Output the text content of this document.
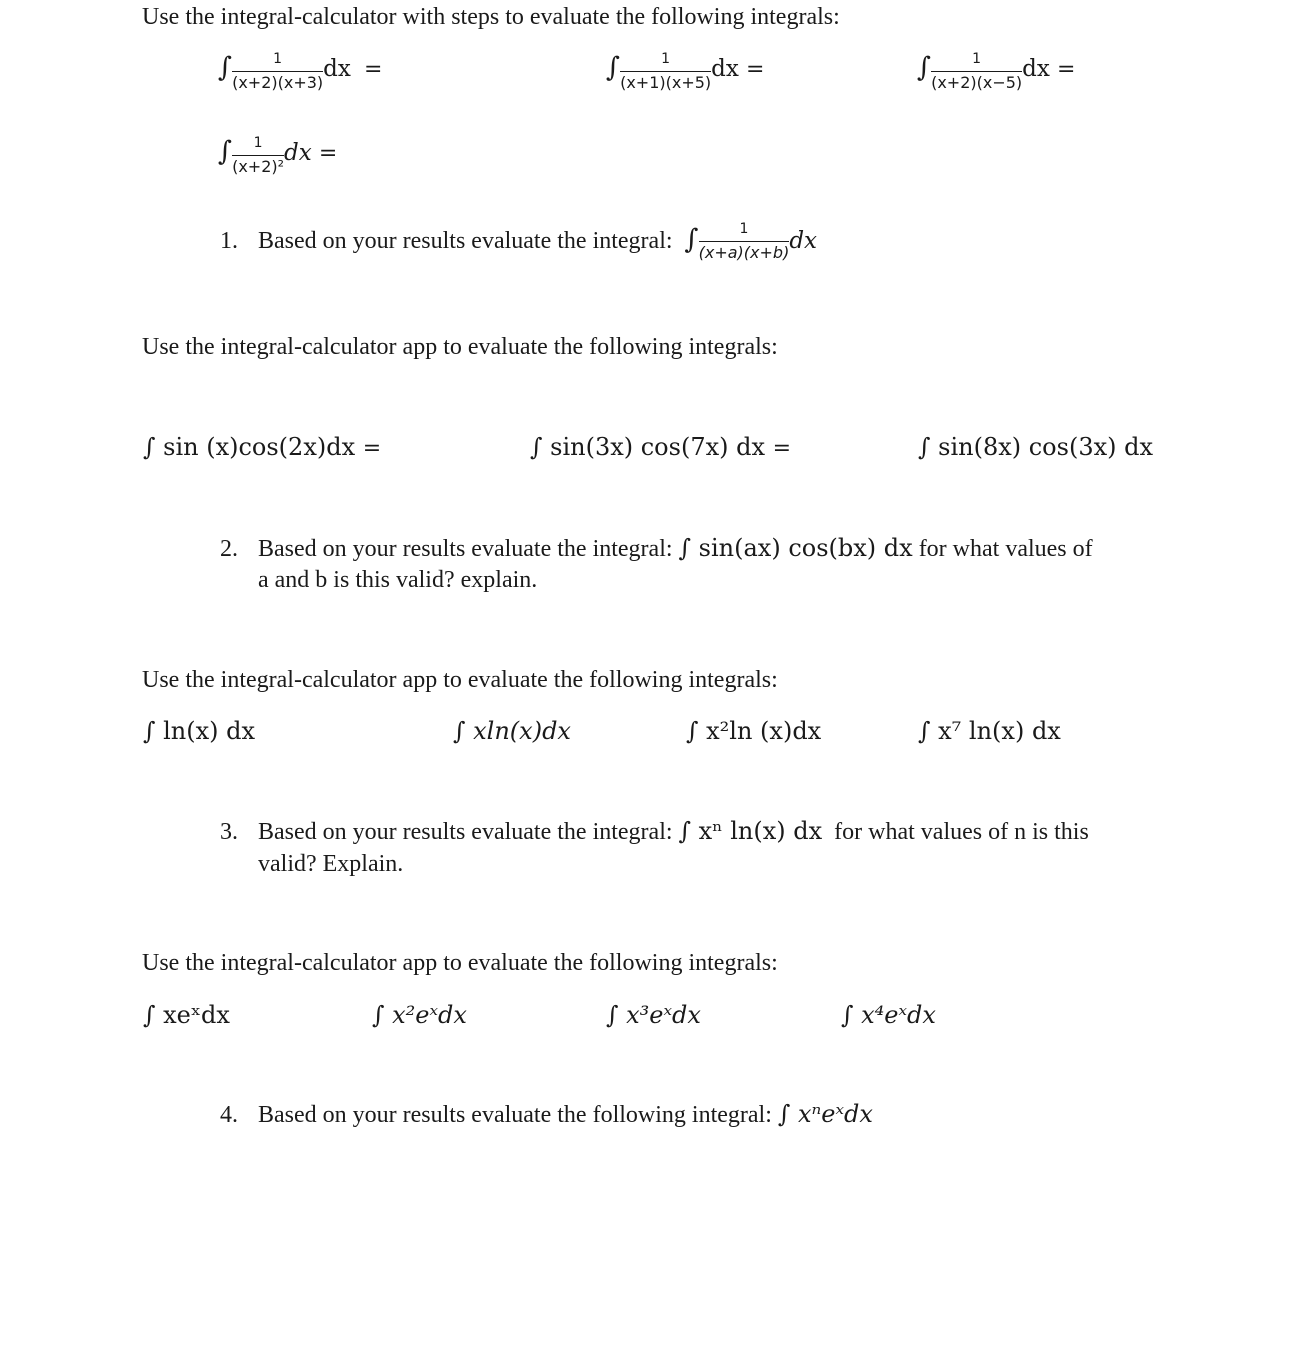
Use the integral-calculator with steps to evaluate the following integrals:
∫ $\frac{1}{(x+2)(x+3)}$ dx =	∫ $\frac{1}{(x+1)(x+5)}$ dx =	∫ $\frac{1}{(x+2)(x-5)}$ dx =
∫ $\frac{1}{\text{(x+2)²}}$ dx =
1. Based on your results evaluate the integral: ∫ $\frac{1}{(x+a)(x+b)}$ dx
Use the integral-calculator app to evaluate the following integrals:
∫ sin (x)cos(2x)dx =	∫ sin(3x) cos(7x) dx =	∫ sin(8x) cos(3x) dx
2. Based on your results evaluate the integral: ∫ sin(ax) cos(bx) dx for what values of
a and b is this valid? explain.
Use the integral-calculator app to evaluate the following integrals:
∫ ln(x) dx	∫ xln(x)dx	∫ x²ln (x)dx	∫ x⁷ ln(x) dx
3. Based on your results evaluate the integral: ∫ xⁿ ln(x) dx for what values of n is this
valid? Explain.
Use the integral-calculator app to evaluate the following integrals:
∫ xeˣdx	∫ x²eˣdx	∫ x³eˣdx	∫ x⁴eˣdx
4. Based on your results evaluate the following integral: ∫ xⁿeˣdx
